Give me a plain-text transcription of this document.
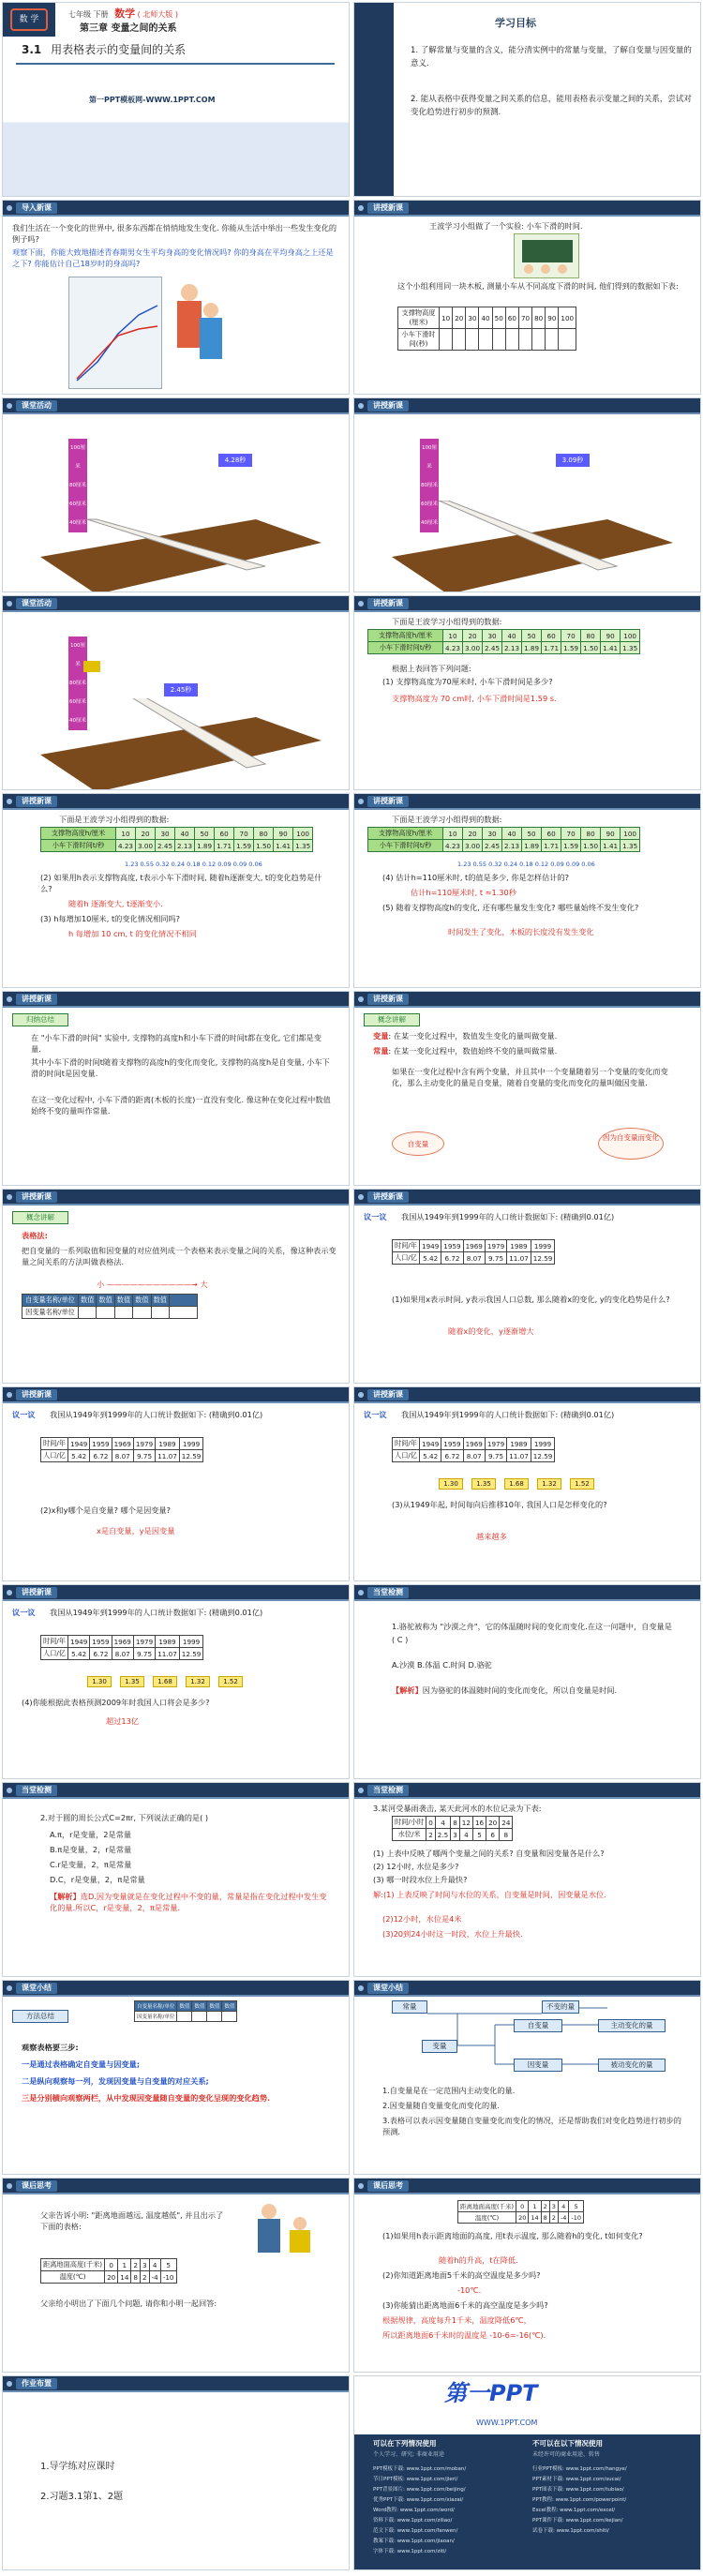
数 学
七年级 下册 数学 ( 北师大版 )
第三章 变量之间的关系
3.1 用表格表示的变量间的关系
第一PPT模板网-WWW.1PPT.COM
学习目标
1. 了解常量与变量的含义，能分清实例中的常量与变量，了解自变量与因变量的意义.
2. 能从表格中获得变量之间关系的信息，能用表格表示变量之间的关系，尝试对变化趋势进行初步的预测.
导入新课
我们生活在一个变化的世界中, 很多东西都在悄悄地发生变化. 你能从生活中举出一些发生变化的例子吗?
观察下面，你能大致地描述青春期男女生平均身高的变化情况吗? 你的身高在平均身高之上还是之下? 你能估计自己18岁时的身高吗?
讲授新课
王波学习小组做了一个实验: 小车下滑的时间.
这个小组利用同一块木板, 测量小车从不同高度下滑的时间, 他们得到的数据如下表:
支撑物高度(厘米)	10	20	30	40	50	60	70	80	90	100
小车下滑时间(秒)										
课堂活动
100厘米
80厘米
60厘米
40厘米
20厘米
4.28秒
讲授新课
100厘米
80厘米
60厘米
40厘米
20厘米
3.09秒
课堂活动
100厘米
80厘米
60厘米
40厘米
20厘米
2.45秒
讲授新课
下面是王波学习小组得到的数据:
支撑物高度h/厘米	10	20	30	40	50	60	70	80	90	100
小车下滑时间t/秒	4.23	3.00	2.45	2.13	1.89	1.71	1.59	1.50	1.41	1.35
根据上表回答下列问题:
(1) 支撑物高度为70厘米时, 小车下滑时间是多少?
支撑物高度为 70 cm时, 小车下滑时间是1.59 s.
讲授新课
下面是王波学习小组得到的数据:
支撑物高度h/厘米	10	20	30	40	50	60	70	80	90	100
小车下滑时间t/秒	4.23	3.00	2.45	2.13	1.89	1.71	1.59	1.50	1.41	1.35
1.23 0.55 0.32 0.24 0.18 0.12 0.09 0.09 0.06
(2) 如果用h表示支撑物高度, t表示小车下滑时间, 随着h逐渐变大, t的变化趋势是什么?
随着h 逐渐变大, t逐渐变小.
(3) h每增加10厘米, t的变化情况相同吗?
h 每增加 10 cm, t 的变化情况不相同
讲授新课
下面是王波学习小组得到的数据:
支撑物高度h/厘米	10	20	30	40	50	60	70	80	90	100
小车下滑时间t/秒	4.23	3.00	2.45	2.13	1.89	1.71	1.59	1.50	1.41	1.35
1.23 0.55 0.32 0.24 0.18 0.12 0.09 0.09 0.06
(4) 估计h=110厘米时, t的值是多少, 你是怎样估计的?
估计h=110厘米时, t ≈1.30秒
(5) 随着支撑物高度h的变化, 还有哪些量发生变化? 哪些量始终不发生变化?
时间发生了变化，木板的长度没有发生变化
讲授新课
归纳总结
在 "小车下滑的时间" 实验中, 支撑物的高度h和小车下滑的时间t都在变化, 它们都是变量.
其中小车下滑的时间t随着支撑物的高度h的变化而变化, 支撑物的高度h是自变量, 小车下滑的时间t是因变量.
在这一变化过程中, 小车下滑的距离(木板的长度)一直没有变化. 像这种在变化过程中数值始终不变的量叫作常量.
讲授新课
概念讲解
变量: 在某一变化过程中，数值发生变化的量叫做变量.
常量: 在某一变化过程中，数值始终不变的量叫做常量.
如果在一变化过程中含有两个变量，并且其中一个变量随着另一个变量的变化而变化，那么主动变化的量是自变量，随着自变量的变化而变化的量叫做因变量.
自变量
因为自变量而变化
讲授新课
概念讲解
表格法:
把自变量的一系列取值和因变量的对应值列成一个表格来表示变量之间的关系，像这种表示变量之间关系的方法叫做表格法.
小 ———————————→ 大
自变量名称/单位	数值	数值	数值	数值	数值	
因变量名称/单位						
讲授新课
议一议 我国从1949年到1999年的人口统计数据如下: (精确到0.01亿)
时间/年	1949	1959	1969	1979	1989	1999
人口/亿	5.42	6.72	8.07	9.75	11.07	12.59
(1)如果用x表示时间, y表示我国人口总数, 那么随着x的变化, y的变化趋势是什么?
随着x的变化，y逐渐增大
讲授新课
议一议 我国从1949年到1999年的人口统计数据如下: (精确到0.01亿)
时间/年	1949	1959	1969	1979	1989	1999
人口/亿	5.42	6.72	8.07	9.75	11.07	12.59
(2)x和y哪个是自变量? 哪个是因变量?
x是自变量，y是因变量
讲授新课
议一议 我国从1949年到1999年的人口统计数据如下: (精确到0.01亿)
时间/年	1949	1959	1969	1979	1989	1999
人口/亿	5.42	6.72	8.07	9.75	11.07	12.59
1.30	1.35	1.68	1.32	1.52
(3)从1949年起, 时间每向后推移10年, 我国人口是怎样变化的?
越来越多
讲授新课
议一议 我国从1949年到1999年的人口统计数据如下: (精确到0.01亿)
时间/年	1949	1959	1969	1979	1989	1999
人口/亿	5.42	6.72	8.07	9.75	11.07	12.59
1.30	1.35	1.68	1.32	1.52
(4)你能根据此表格预测2009年时我国人口将会是多少?
超过13亿
当堂检测
1.骆驼被称为 "沙漠之舟"，它的体温随时间的变化而变化.在这一问题中，自变量是( C )
A.沙漠 B.体温 C.时间 D.骆驼
【解析】因为骆驼的体温随时间的变化而变化，所以自变量是时间.
当堂检测
2.对于圆的周长公式C=2πr, 下列说法正确的是( )
A.π，r是变量，2是常量
B.π是变量，2，r是常量
C.r是变量，2，π是常量
D.C，r是变量，2，π是常量
【解析】选D.因为变量就是在变化过程中不变的量，常量是指在变化过程中发生变化的量.所以C，r是变量，2，π是常量.
当堂检测
3.某河受暴雨袭击, 某天此河水的水位记录为下表:
时间/小时	0	4	8	12	16	20	24
水位/米	2	2.5	3	4	5	6	8
(1) 上表中反映了哪两个变量之间的关系? 自变量和因变量各是什么?
(2) 12小时, 水位是多少?
(3) 哪一时段水位上升最快?
解:(1) 上表反映了时间与水位的关系，自变量是时间，因变量是水位.
(2)12小时，水位是4米
(3)20到24小时这一时段，水位上升最快.
课堂小结
方法总结
自变量名称/单位	数值	数值	数值	数值
因变量名称/单位				
观察表格要三步:
一是通过表格确定自变量与因变量;
二是纵向观察每一列，发现因变量与自变量的对应关系;
三是分别横向观察两栏，从中发现因变量随自变量的变化呈现的变化趋势.
课堂小结
常量	不变的量
变量
自变量
因变量
主动变化的量
被动变化的量
1.自变量是在一定范围内主动变化的量.
2.因变量随自变量变化而变化的量.
3.表格可以表示因变量随自变量变化而变化的情况，还是帮助我们对变化趋势进行初步的预测.
课后思考
父亲告诉小明: "距离地面越远, 温度越低", 并且出示了下面的表格:
距离地面高度(千米)	0	1	2	3	4	5
温度(℃)	20	14	8	2	-4	-10
父亲给小明出了下面几个问题, 请你和小明一起回答:
课后思考
距离地面高度(千米)	0	1	2	3	4	5
温度(℃)	20	14	8	2	-4	-10
(1)如果用h表示距离地面的高度, 用t表示温度, 那么随着h的变化, t如何变化?
随着h的升高，t在降低.
(2)你知道距离地面5千米的高空温度是多少吗?
-10℃.
(3)你能猜出距离地面6千米的高空温度是多少吗?
根据规律，高度每升1千米，温度降低6℃，
所以距离地面6千米时的温度是 -10-6=-16(℃).
作业布置
1.导学练对应课时
2.习题3.1第1、2题
第一PPT
WWW.1PPT.COM
可以在下列情况使用
个人学习、研究; 非商业用途
不可以在以下情况使用
未经许可的商业用途、转售
PPT模板下载: www.1ppt.com/moban/
节日PPT模板: www.1ppt.com/jieri/
PPT背景图片: www.1ppt.com/beijing/
优秀PPT下载: www.1ppt.com/xiazai/
Word教程: www.1ppt.com/word/
资料下载: www.1ppt.com/ziliao/
范文下载: www.1ppt.com/fanwen/
教案下载: www.1ppt.com/jiaoan/
字体下载: www.1ppt.com/ziti/
行业PPT模板: www.1ppt.com/hangye/
PPT素材下载: www.1ppt.com/sucai/
PPT图表下载: www.1ppt.com/tubiao/
PPT教程: www.1ppt.com/powerpoint/
Excel教程: www.1ppt.com/excel/
PPT课件下载: www.1ppt.com/kejian/
试卷下载: www.1ppt.com/shiti/
